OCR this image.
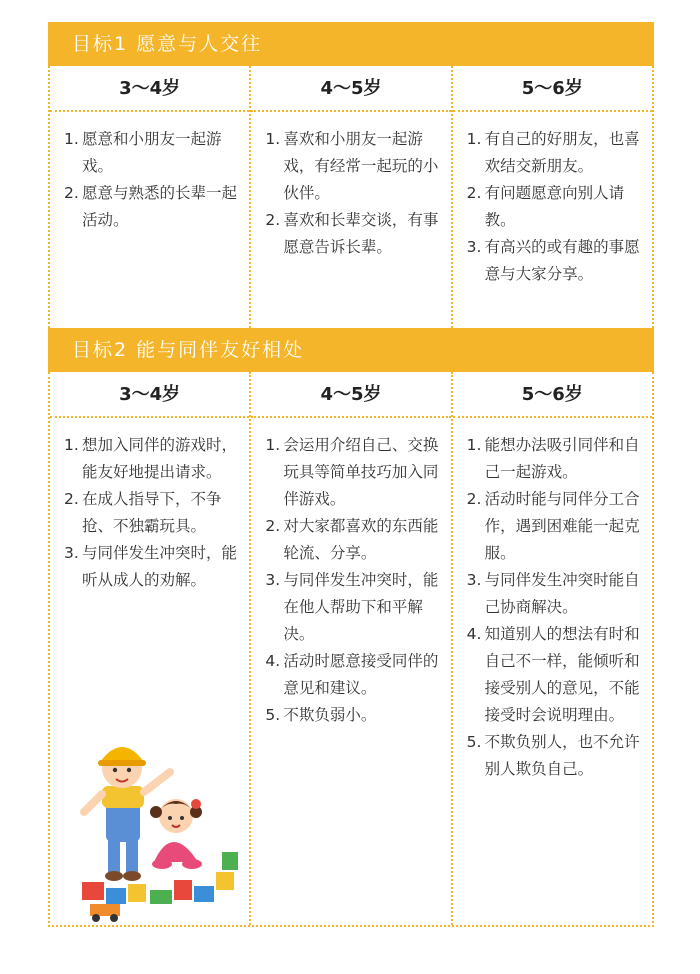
目标1 愿意与人交往
3～4岁
1. 愿意和小朋友一起游戏。
2. 愿意与熟悉的长辈一起活动。
4～5岁
1. 喜欢和小朋友一起游戏，有经常一起玩的小伙伴。
2. 喜欢和长辈交谈，有事愿意告诉长辈。
5～6岁
1. 有自己的好朋友，也喜欢结交新朋友。
2. 有问题愿意向别人请教。
3. 有高兴的或有趣的事愿意与大家分享。
目标2 能与同伴友好相处
3～4岁
1. 想加入同伴的游戏时，能友好地提出请求。
2. 在成人指导下，不争抢、不独霸玩具。
3. 与同伴发生冲突时，能听从成人的劝解。
4～5岁
1. 会运用介绍自己、交换玩具等简单技巧加入同伴游戏。
2. 对大家都喜欢的东西能轮流、分享。
3. 与同伴发生冲突时，能在他人帮助下和平解决。
4. 活动时愿意接受同伴的意见和建议。
5. 不欺负弱小。
5～6岁
1. 能想办法吸引同伴和自己一起游戏。
2. 活动时能与同伴分工合作，遇到困难能一起克服。
3. 与同伴发生冲突时能自己协商解决。
4. 知道别人的想法有时和自己不一样，能倾听和接受别人的意见，不能接受时会说明理由。
5. 不欺负别人，也不允许别人欺负自己。
